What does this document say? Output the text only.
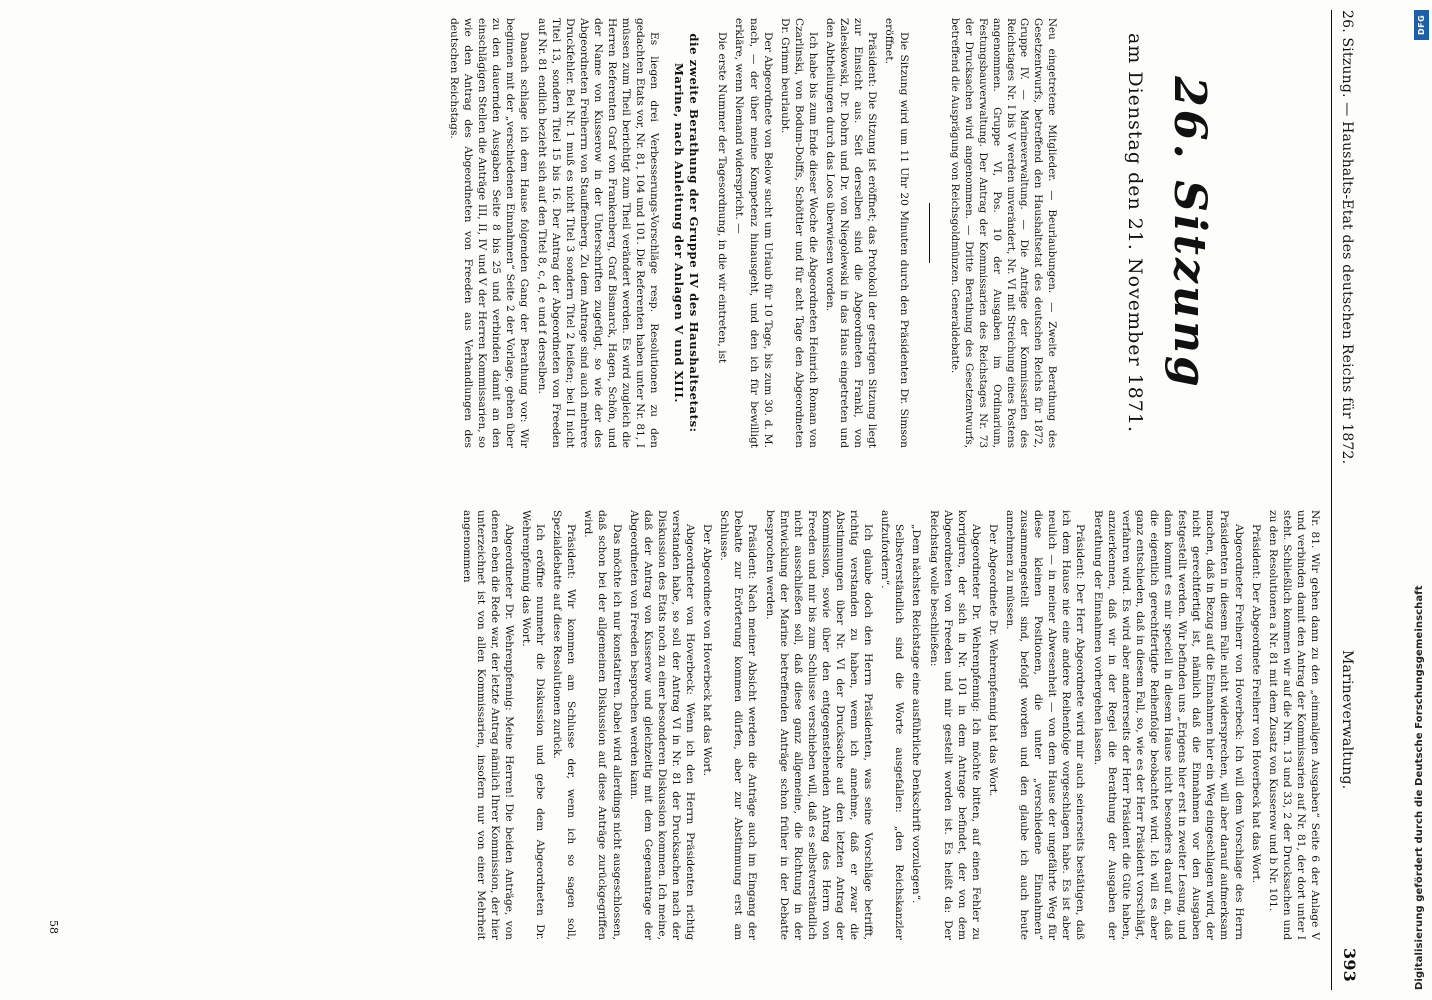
26. Sitzung. — Haushalts-Etat des deutschen Reichs für 1872.
Marineverwaltung.
393
26. Sitzung
am Dienstag den 21. November 1871.

Neu eingetretene Mitglieder. — Beurlaubungen. — Zweite Berathung des Gesetzentwurfs, betreffend den Haushaltsetat des deutschen Reichs für 1872, Gruppe IV. — Marineverwaltung. — Die Anträge der Kommissarien des Reichstages Nr. I bis V werden unverändert, Nr. VI mit Streichung eines Postens angenommen. Gruppe VI, Pos. 10 der Ausgaben im Ordinarium, Festungsbauverwaltung. Der Antrag der Kommissarien des Reichstages Nr. 73 der Drucksachen wird angenommen. — Dritte Berathung des Gesetzentwurfs, betreffend die Ausprägung von Reichsgoldmünzen. Generaldebatte.

Die Sitzung wird um 11 Uhr 20 Minuten durch den Präsidenten Dr. Simson eröffnet.

Präsident: Die Sitzung ist eröffnet; das Protokoll der gestrigen Sitzung liegt zur Einsicht aus. Seit derselben sind die Abgeordneten Frankl, von Zaleskowski, Dr. Dohrn und Dr. von Niegolewski in das Haus eingetreten und den Abtheilungen durch das Loos überwiesen worden.

Ich habe bis zum Ende dieser Woche die Abgeordneten Heinrich Roman von Czarlinski, von Bodum-Dolffs, Schöttler und für acht Tage den Abgeordneten Dr. Grimm beurlaubt.

Der Abgeordnete von Below sucht um Urlaub für 10 Tage, bis zum 30. d. M. nach, — der über meine Kompetenz hinausgeht, und den ich für bewilligt erkläre, wenn Niemand widerspricht. —

Die erste Nummer der Tagesordnung, in die wir eintreten, ist

die zweite Berathung der Gruppe IV des Haushaltsetats: Marine, nach Anleitung der Anlagen V und XIII.

Es liegen drei Verbesserungs-Vorschläge resp. Resolutionen zu den gedachten Etats vor, Nr. 81, 104 und 101. Die Referenten haben unter Nr. 81, I müssen zum Theil berichtigt zum Theil verändert werden. Es wird zugleich die Herren Referenten Graf von Frankenberg, Graf Bismarck, Hagen, Schön, und der Name von Kusserow in der Unterschriften zugefügt, so wie der des Abgeordneten Freiherrn von Stauffenberg. Zu dem Antrage sind auch mehrere Druckfehler. Bei Nr. 1 muß es nicht Titel 3 sondern Titel 2 heißen; bei II nicht Titel 13, sondern Titel 15 bis 16. Der Antrag der Abgeordneten von Freeden auf Nr. 81 endlich bezieht sich auf den Titel 8, c, d, e und f derselben.

Danach schlage ich dem Hause folgenden Gang der Berathung vor: Wir beginnen mit der „verschiedenen Einnahmen“ Seite 2 der Vorlage, gehen über zu den dauernden Ausgaben Seite 8 bis 25 und verbinden damit an den einschlägigen Stellen die Anträge III, II, IV und V der Herren Kommissarien, so wie den Antrag des Abgeordneten von Freeden aus Verhandlungen des deutschen Reichstags.

Nr. 81. Wir gehen dann zu den „einmaligen Ausgaben“ Seite 6 der Anlage V und verbinden damit den Antrag der Kommissarien auf Nr. 81, der dort unter I steht. Schließlich kommen wir auf die Nrn. 13 und 33, 2 der Drucksachen und zu den Resolutionen a Nr. 81 mit dem Zusatz von Kusserow und b Nr. 101.

Präsident: Der Abgeordnete Freiherr von Hoverbeck hat das Wort.

Abgeordneter Freiherr von Hoverbeck: Ich will dem Vorschlage des Herrn Präsidenten in diesem Falle nicht widersprechen, will aber darauf aufmerksam machen, daß in Bezug auf die Einnahmen hier ein Weg eingeschlagen wird, der nicht gerechtfertigt ist, nämlich daß die Einnahmen vor den Ausgaben festgestellt werden. Wir befinden uns „Erigens hier erst in zweiter Lesung, und dann kommt es mir speciell in diesem Hause nicht besonders darauf an, daß die eigentlich gerechtfertigte Reihenfolge beobachtet wird. Ich will es aber ganz entschieden, daß in diesem Fall, so, wie es der Herr Präsident vorschlägt, verfahren wird. Es wird aber andererseits der Herr Präsident die Güte haben, anzuerkennen, daß wir in der Regel die Berathung der Ausgaben der Berathung der Einnahmen vorhergehen lassen.

Präsident: Der Herr Abgeordnete wird mir auch seinerseits bestätigen, daß ich dem Hause nie eine andere Reihenfolge vorgeschlagen habe. Es ist aber neulich — in meiner Abwesenheit — von dem Hause der ungefährte Weg für diese kleinen Positionen, die unter „verschiedene Einnahmen“ zusammengestellt sind, befolgt worden und den glaube ich auch heute annehmen zu müssen.

Der Abgeordnete Dr. Wehrenpfennig hat das Wort.

Abgeordneter Dr. Wehrenpfennig: Ich möchte bitten, auf einen Fehler zu korrigiren, der sich in Nr. 101 in dem Antrage befindet, der von dem Abgeordneten von Freeden und mir gestellt worden ist. Es heißt da: Der Reichstag wolle beschließen:

„Dem nächsten Reichstage eine ausführliche Denkschrift vorzulegen“.

Selbstverständlich sind die Worte ausgefallen: „den Reichskanzler aufzufordern“.

Ich glaube doch den Herrn Präsidenten, was seine Vorschläge betrifft, richtig verstanden zu haben, wenn ich annehme, daß er zwar die Abstimmungen über Nr. VI der Drucksache auf den letzten Antrag der Kommission, sowie über den entgegenstehenden Antrag des Herrn von Freeden und mir bis zum Schlusse verschieben will, daß es selbstverständlich nicht ausschließen soll, daß diese ganz allgemeine, die Richtung in der Entwicklung der Marine betreffenden Anträge schon früher in der Debatte besprochen werden.

Präsident: Nach meiner Absicht werden die Anträge auch im Eingang der Debatte zur Erörterung kommen dürfen, aber zur Abstimmung erst am Schlusse.

Der Abgeordnete von Hoverbeck hat das Wort.

Abgeordneter von Hoverbeck: Wenn ich den Herrn Präsidenten richtig verstanden habe, so soll der Antrag VI in Nr. 81 der Drucksachen nach der Diskussion des Etats noch zu einer besonderen Diskussion kommen. Ich meine, daß der Antrag von Kusserow und gleichzeitig mit dem Gegenantrage der Abgeordneten von Freeden besprochen werden kann.

Das möchte ich nur konstatiren. Dabei wird allerdings nicht ausgeschlossen, daß schon bei der allgemeinen Diskussion auf diese Anträge zurückgegriffen wird.

Präsident: Wir kommen am Schlusse der, wenn ich so sagen soll, Spezialdebatte auf diese Resolutionen zurück.

Ich eröffne nunmehr die Diskussion und gebe dem Abgeordneten Dr. Wehrenpfennig das Wort.

Abgeordneter Dr. Wehrenpfennig: Meine Herren! Die beiden Anträge, von denen eben die Rede war, der letzte Antrag nämlich Ihrer Kommission, der hier unterzeichnet ist von allen Kommissarien, insofern nur von einer Mehrheit angenommen

58
DFG
Digitalisierung gefördert durch die Deutsche Forschungsgemeinschaft
